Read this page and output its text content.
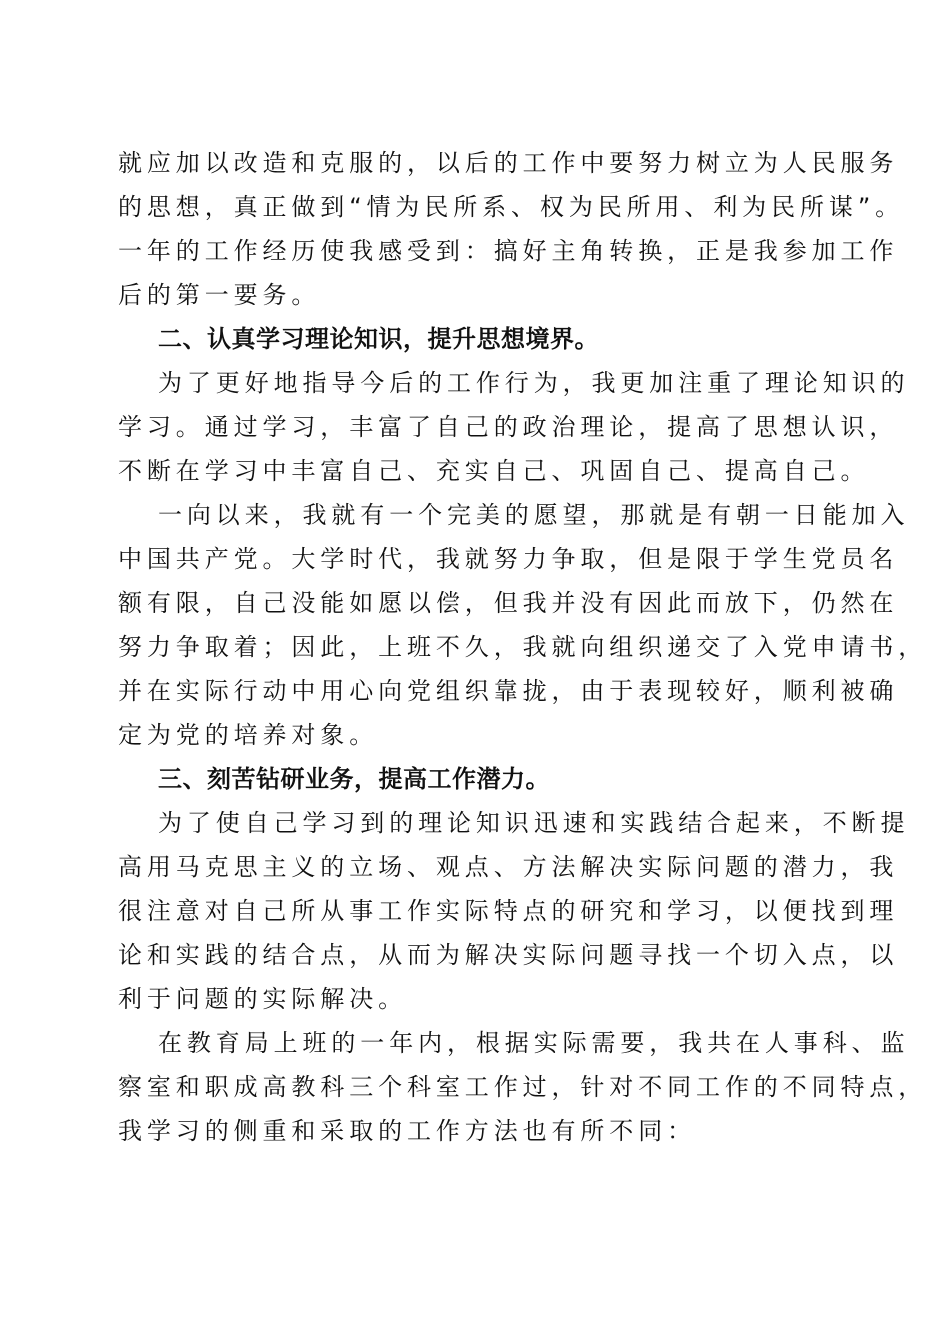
就应加以改造和克服的，以后的工作中要努力树立为人民服务
的思想，真正做到“情为民所系、权为民所用、利为民所谋”。
一年的工作经历使我感受到：搞好主角转换，正是我参加工作
后的第一要务。
二、认真学习理论知识，提升思想境界。
为了更好地指导今后的工作行为，我更加注重了理论知识的
学习。通过学习，丰富了自己的政治理论，提高了思想认识，
不断在学习中丰富自己、充实自己、巩固自己、提高自己。
一向以来，我就有一个完美的愿望，那就是有朝一日能加入
中国共产党。大学时代，我就努力争取，但是限于学生党员名
额有限，自己没能如愿以偿，但我并没有因此而放下，仍然在
努力争取着；因此，上班不久，我就向组织递交了入党申请书，
并在实际行动中用心向党组织靠拢，由于表现较好，顺利被确
定为党的培养对象。
三、刻苦钻研业务，提高工作潜力。
为了使自己学习到的理论知识迅速和实践结合起来，不断提
高用马克思主义的立场、观点、方法解决实际问题的潜力，我
很注意对自己所从事工作实际特点的研究和学习，以便找到理
论和实践的结合点，从而为解决实际问题寻找一个切入点，以
利于问题的实际解决。
在教育局上班的一年内，根据实际需要，我共在人事科、监
察室和职成高教科三个科室工作过，针对不同工作的不同特点，
我学习的侧重和采取的工作方法也有所不同：
